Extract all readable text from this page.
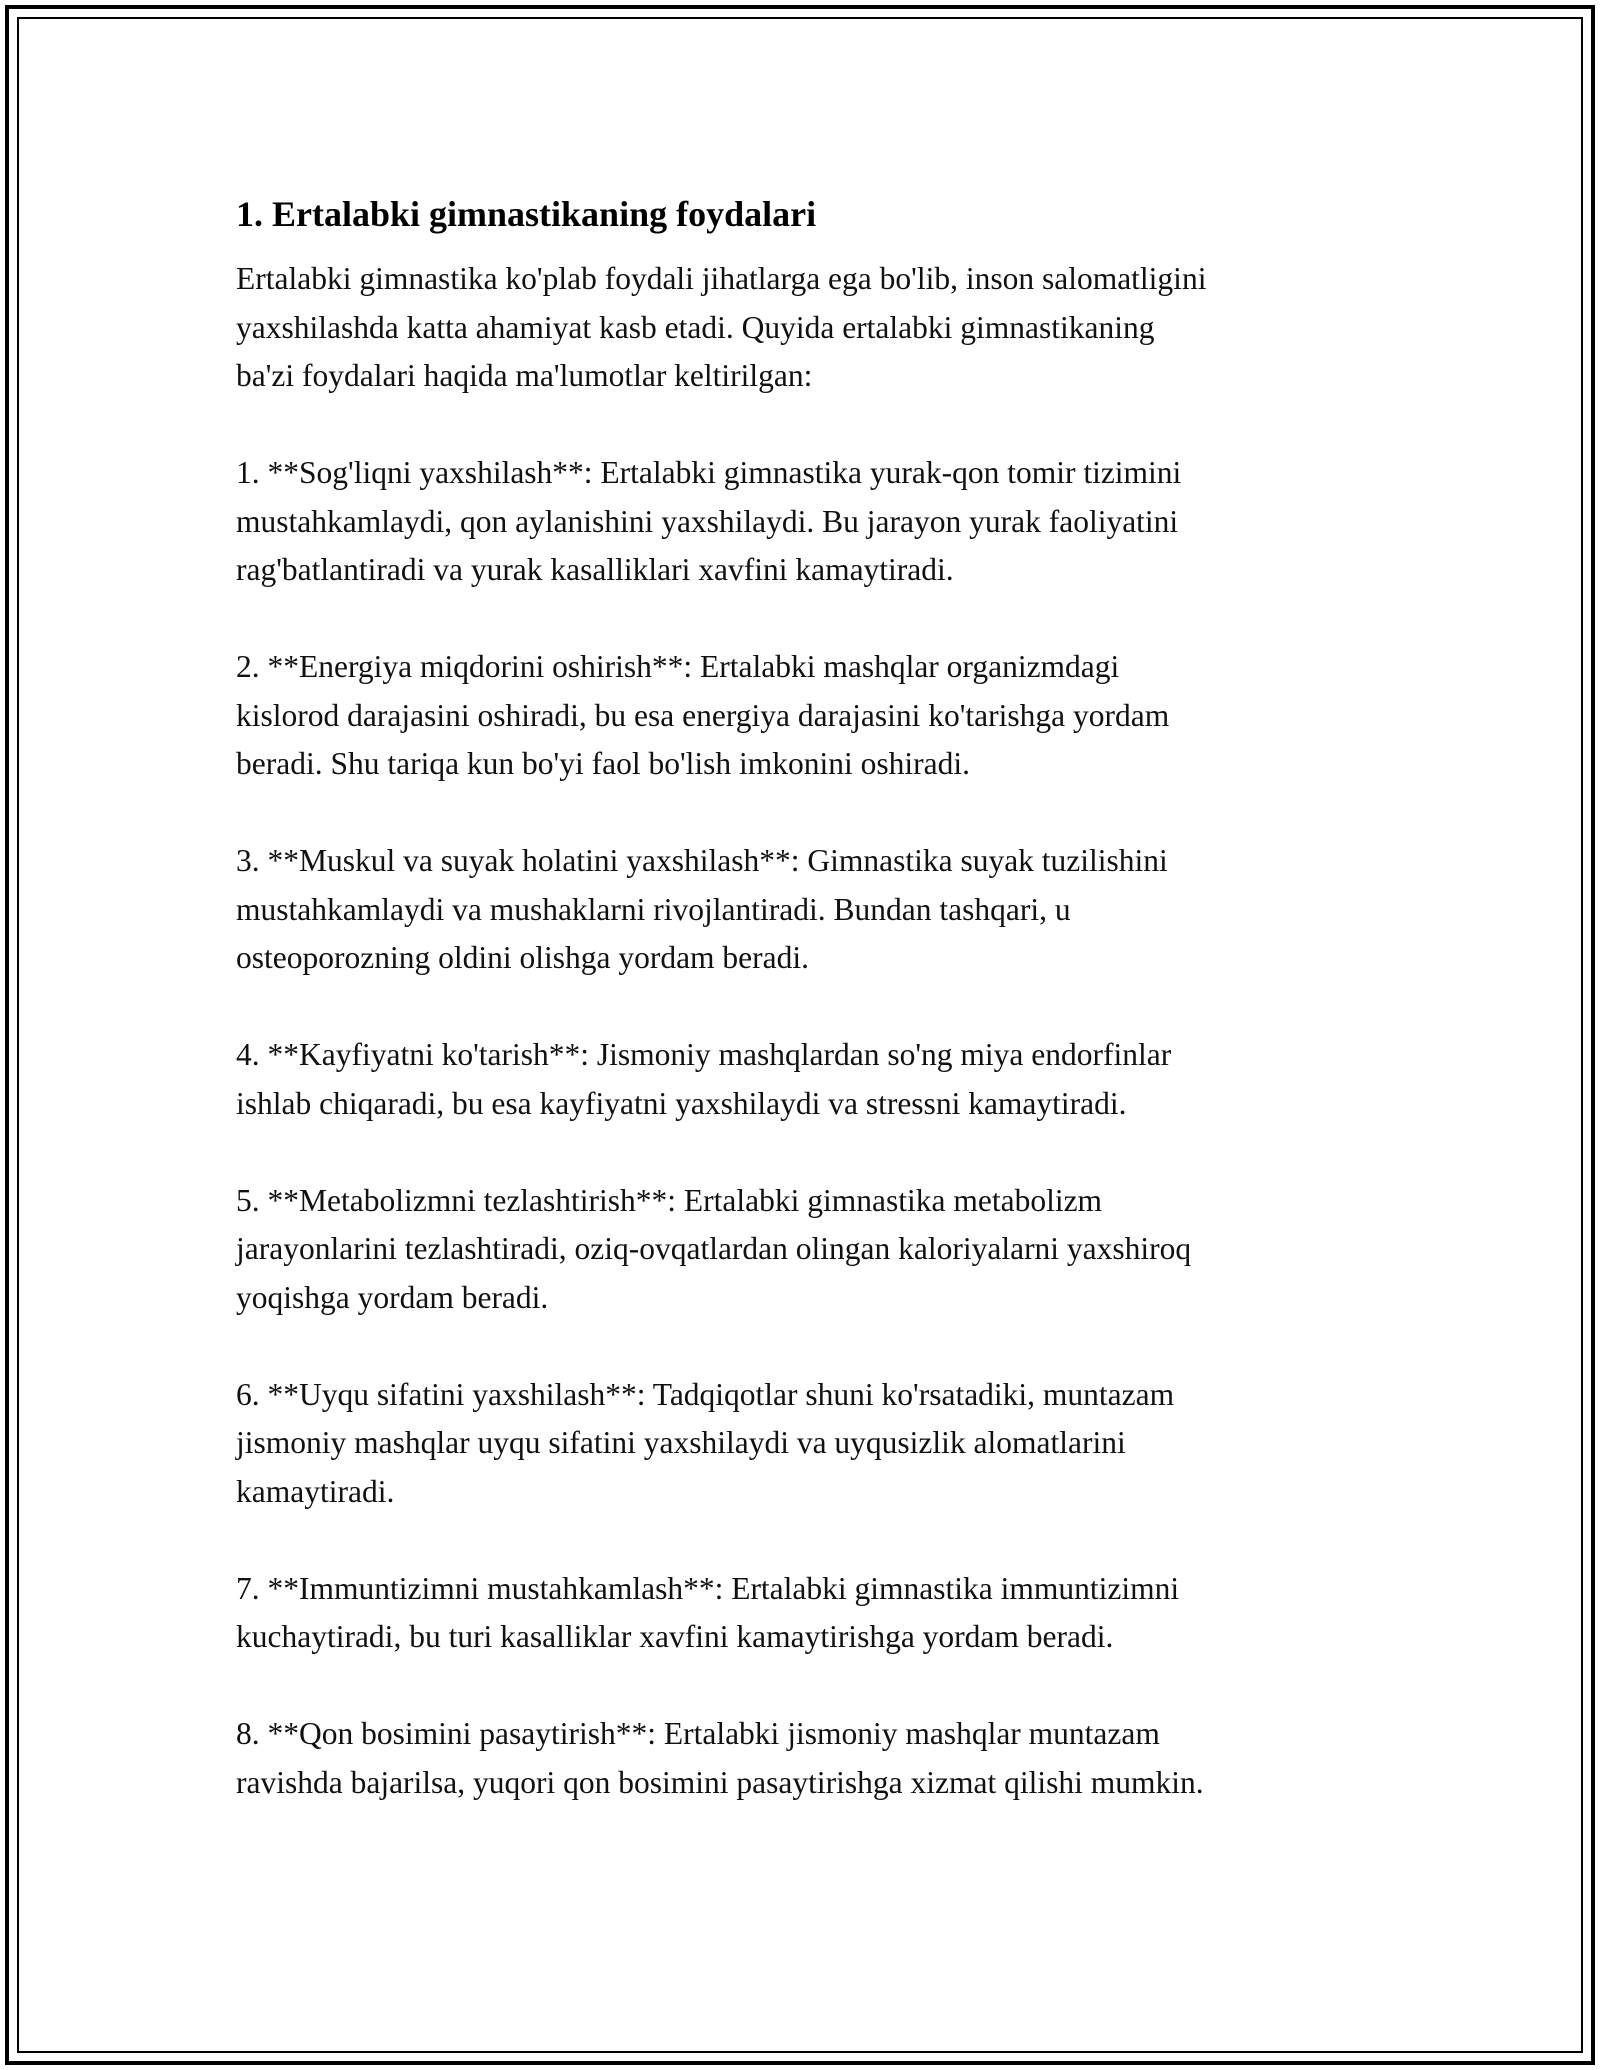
1. Ertalabki gimnastikaning foydalari

Ertalabki gimnastika ko'plab foydali jihatlarga ega bo'lib, inson salomatligini
yaxshilashda katta ahamiyat kasb etadi. Quyida ertalabki gimnastikaning
ba'zi foydalari haqida ma'lumotlar keltirilgan:

1. **Sog'liqni yaxshilash**: Ertalabki gimnastika yurak-qon tomir tizimini
mustahkamlaydi, qon aylanishini yaxshilaydi. Bu jarayon yurak faoliyatini
rag'batlantiradi va yurak kasalliklari xavfini kamaytiradi.

2. **Energiya miqdorini oshirish**: Ertalabki mashqlar organizmdagi
kislorod darajasini oshiradi, bu esa energiya darajasini ko'tarishga yordam
beradi. Shu tariqa kun bo'yi faol bo'lish imkonini oshiradi.

3. **Muskul va suyak holatini yaxshilash**: Gimnastika suyak tuzilishini
mustahkamlaydi va mushaklarni rivojlantiradi. Bundan tashqari, u
osteoporozning oldini olishga yordam beradi.

4. **Kayfiyatni ko'tarish**: Jismoniy mashqlardan so'ng miya endorfinlar
ishlab chiqaradi, bu esa kayfiyatni yaxshilaydi va stressni kamaytiradi.

5. **Metabolizmni tezlashtirish**: Ertalabki gimnastika metabolizm
jarayonlarini tezlashtiradi, oziq-ovqatlardan olingan kaloriyalarni yaxshiroq
yoqishga yordam beradi.

6. **Uyqu sifatini yaxshilash**: Tadqiqotlar shuni ko'rsatadiki, muntazam
jismoniy mashqlar uyqu sifatini yaxshilaydi va uyqusizlik alomatlarini
kamaytiradi.

7. **Immuntizimni mustahkamlash**: Ertalabki gimnastika immuntizimni
kuchaytiradi, bu turi kasalliklar xavfini kamaytirishga yordam beradi.

8. **Qon bosimini pasaytirish**: Ertalabki jismoniy mashqlar muntazam
ravishda bajarilsa, yuqori qon bosimini pasaytirishga xizmat qilishi mumkin.
